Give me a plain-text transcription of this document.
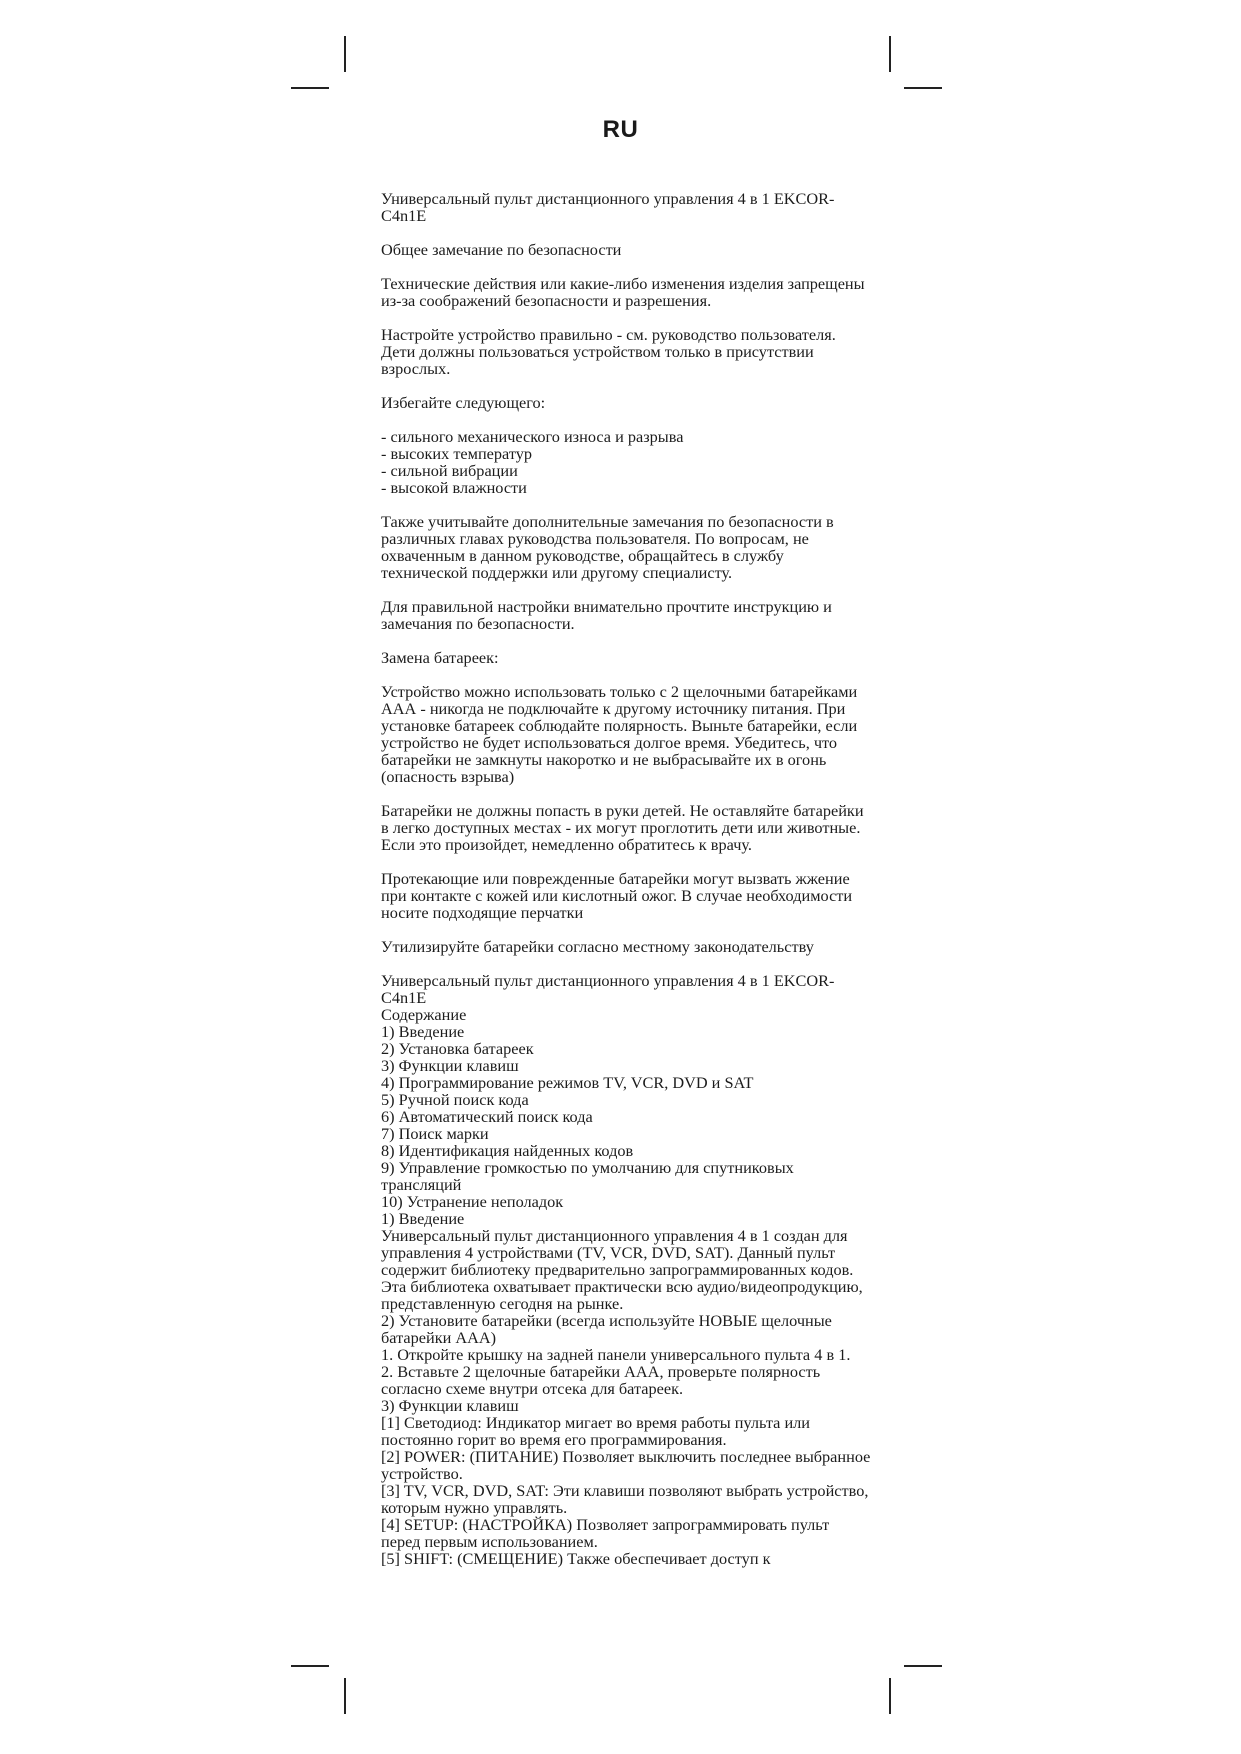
RU

Универсальный пульт дистанционного управления 4 в 1 EKCOR-C4n1E

Общее замечание по безопасности

Технические действия или какие-либо изменения изделия запрещены из-за соображений безопасности и разрешения.

Настройте устройство правильно - см. руководство пользователя. Дети должны пользоваться устройством только в присутствии взрослых.

Избегайте следующего:

- сильного механического износа и разрыва
- высоких температур
- сильной вибрации
- высокой влажности

Также учитывайте дополнительные замечания по безопасности в различных главах руководства пользователя. По вопросам, не охваченным в данном руководстве, обращайтесь в службу технической поддержки или другому специалисту.

Для правильной настройки внимательно прочтите инструкцию и замечания по безопасности.

Замена батареек:

Устройство можно использовать только с 2 щелочными батарейками ААА - никогда не подключайте к другому источнику питания. При установке батареек соблюдайте полярность. Выньте батарейки, если устройство не будет использоваться долгое время. Убедитесь, что батарейки не замкнуты накоротко и не выбрасывайте их в огонь (опасность взрыва)

Батарейки не должны попасть в руки детей. Не оставляйте батарейки в легко доступных местах - их могут проглотить дети или животные. Если это произойдет, немедленно обратитесь к врачу.

Протекающие или поврежденные батарейки могут вызвать жжение при контакте с кожей или кислотный ожог. В случае необходимости носите подходящие перчатки

Утилизируйте батарейки согласно местному законодательству

Универсальный пульт дистанционного управления 4 в 1 EKCOR-C4n1E
Содержание
1) Введение
2) Установка батареек
3) Функции клавиш
4) Программирование режимов TV, VCR, DVD и SAT
5) Ручной поиск кода
6) Автоматический поиск кода
7) Поиск марки
8) Идентификация найденных кодов
9) Управление громкостью по умолчанию для спутниковых трансляций
10) Устранение неполадок
1) Введение
Универсальный пульт дистанционного управления 4 в 1 создан для управления 4 устройствами (TV, VCR, DVD, SAT). Данный пульт содержит библиотеку предварительно запрограммированных кодов. Эта библиотека охватывает практически всю аудио/видеопродукцию, представленную сегодня на рынке.
2) Установите батарейки (всегда используйте НОВЫЕ щелочные батарейки ААА)
1. Откройте крышку на задней панели универсального пульта 4 в 1.
2. Вставьте 2 щелочные батарейки ААА, проверьте полярность согласно схеме внутри отсека для батареек.
3) Функции клавиш
[1] Светодиод: Индикатор мигает во время работы пульта или постоянно горит во время его программирования.
[2] POWER: (ПИТАНИЕ) Позволяет выключить последнее выбранное устройство.
[3] TV, VCR, DVD, SAT: Эти клавиши позволяют выбрать устройство, которым нужно управлять.
[4] SETUP: (НАСТРОЙКА) Позволяет запрограммировать пульт перед первым использованием.
[5] SHIFT: (СМЕЩЕНИЕ) Также обеспечивает доступ к
